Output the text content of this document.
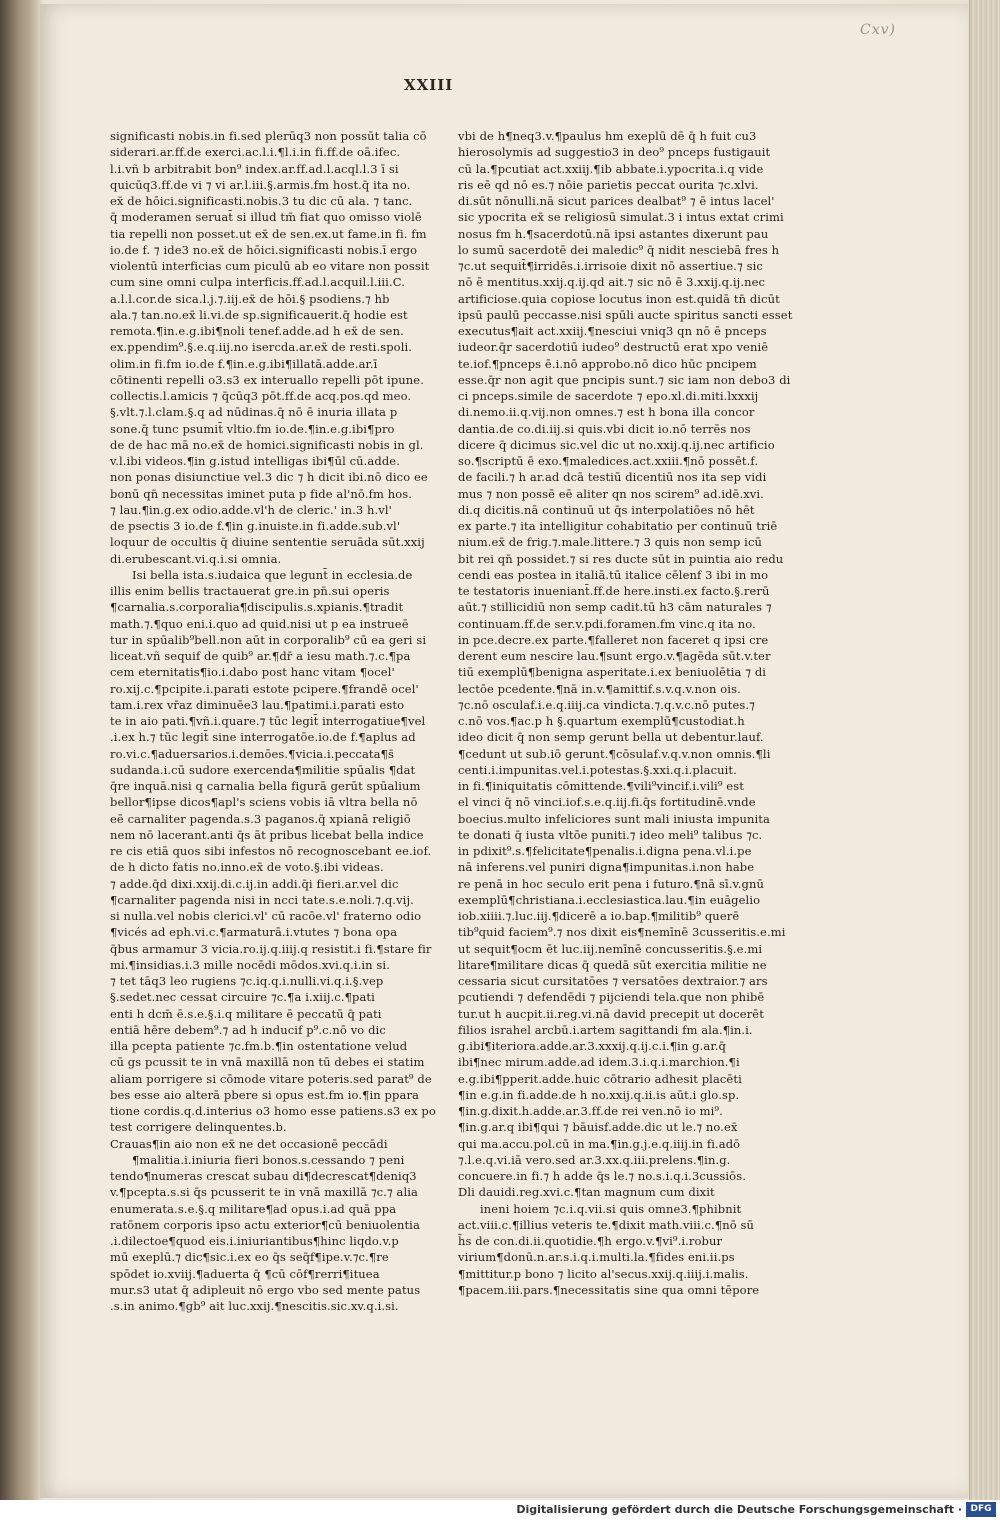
Cxv)
XXIII
significasti nobis.in fi.sed plerūq3 non possūt talia cō
siderari.ar.ff.de exerci.ac.l.i.¶l.i.in fi.ff.de oā.ifec.
l.i.vñ b arbitrabit bon⁹ index.ar.ff.ad.l.acql.l.3 ī si
quicūq3.ff.de vi ⁊ vi ar.l.iii.§.armis.fm host.q̄ ita no.
ex̄ de hōici.significasti.nobis.3 tu dic cū ala. ⁊ tanc.
q̄ moderamen seruat̄ si illud tm̄ fiat quo omisso violē
tia repelli non posset.ut ex̄ de sen.ex.ut fame.in fi. fm
io.de f. ⁊ ide3 no.ex̄ de hōici.significasti nobis.ī ergo
violentū interficias cum piculū ab eo vitare non possit
cum sine omni culpa interficis.ff.ad.l.acquil.l.iii.C.
a.l.l.cor.de sica.l.j.⁊.iij.ex̄ de hōi.§ psodiens.⁊ hb
ala.⁊ tan.no.ex̄ li.vi.de sp.significauerit.q̄ hodie est
remota.¶in.e.g.ibi¶noli tenef.adde.ad h ex̄ de sen.
ex.ppendim⁹.§.e.q.iij.no isercda.ar.ex̄ de resti.spoli.
olim.in fi.fm io.de f.¶in.e.g.ibi¶illatā.adde.ar.ī
cōtinenti repelli o3.s3 ex interuallo repelli pōt ipune.
collectis.l.amicis ⁊ q̄cūq3 pōt.ff.de acq.pos.qd meo.
§.vlt.⁊.l.clam.§.q ad nūdinas.q̄ nō ē inuria illata p
sone.q̄ tunc psumit̄ vltio.fm io.de.¶in.e.g.ibi¶pro
de de hac mā no.ex̄ de homici.significasti nobis in gl.
v.l.ibi videos.¶in g.istud intelligas ibi¶ūl cū.adde.
non ponas disiunctiue vel.3 dic ⁊ h dicit ibi.nō dico ee
bonū qn̄ necessitas iminet puta p fide al'nō.fm hos.
⁊ lau.¶in.g.ex odio.adde.vl'h de cleric.' in.3 h.vl'
de psectis 3 io.de f.¶in g.inuiste.in fi.adde.sub.vl'
loquur de occultis q̄ diuine sententie seruāda sūt.xxij
di.erubescant.vi.q.i.si omnia.
Isi bella ista.s.iudaica que legunt̄ in ecclesia.de
illis enim bellis tractauerat gre.in pn̄.sui operis
¶carnalia.s.corporalia¶discipulis.s.xpianis.¶tradit
math.⁊.¶quo eni.i.quo ad quid.nisi ut p ea instrueē
tur in spūalib⁹bell.non aūt in corporalib⁹ cū ea geri si
liceat.vñ sequif de quib⁹ ar.¶dr̄ a iesu math.⁊.c.¶pa
cem eternitatis¶io.i.dabo post hanc vitam ¶ocel'
ro.xij.c.¶pcipite.i.parati estote pcipere.¶frandē ocel'
tam.i.rex vr̄az diminuēe3 lau.¶patimi.i.parati esto
te in aio pati.¶vñ.i.quare.⁊ tūc legit̄ interrogatiue¶vel
.i.ex h.⁊ tūc legit̄ sine interrogatōe.io.de f.¶aplus ad
ro.vi.c.¶aduersarios.i.demōes.¶vicia.i.peccata¶s̄
sudanda.i.cū sudore exercenda¶militie spūalis ¶dat
q̄re inquā.nisi q carnalia bella figurā gerūt spūalium
bellor¶ipse dicos¶apl's sciens vobis iā vltra bella nō
eē carnaliter pagenda.s.3 paganos.q̄ xpianā religiō
nem nō lacerant.anti q̄s āt pribus licebat bella indice
re cis etiā quos sibi infestos nō recognoscebant ee.iof.
de h dicto fatis no.inno.ex̄ de voto.§.ibi videas.
⁊ adde.q̄d dixi.xxij.di.c.ij.in addi.q̄i fieri.ar.vel dic
¶carnaliter pagenda nisi in ncci tate.s.e.noli.⁊.q.vij.
si nulla.vel nobis clerici.vl' cū racōe.vl' fraterno odio
¶vicés ad eph.vi.c.¶armaturā.i.vtutes ⁊ bona opa
q̄bus armamur 3 vicia.ro.ij.q.iiij.q resistit.i fi.¶stare fir
mi.¶insidias.i.3 mille nocēdi mōdos.xvi.q.i.in si.
⁊ tet tāq3 leo rugiens ⁊c.iq.q.i.nulli.vi.q.i.§.vep
§.sedet.nec cessat circuire ⁊c.¶a i.xiij.c.¶pati
enti h dcm̄ ē.s.e.§.i.q militare ē peccatū q̄ pati
entiā hēre debem⁹.⁊ ad h inducif p⁹.c.nō vo dic
illa pcepta patiente ⁊c.fm.b.¶in ostentatione velud
cū gs pcussit te in vnā maxillā non tū debes ei statim
aliam porrigere si cōmode vitare poteris.sed parat⁹ de
bes esse aio alterā pbere si opus est.fm io.¶in ppara
tione cordis.q.d.interius o3 homo esse patiens.s3 ex po
test corrigere delinquentes.b.
Crauas¶in aio non ex̄ ne det occasionē peccādi
¶malitia.i.iniuria fieri bonos.s.cessando ⁊ peni
tendo¶numeras crescat subau di¶decrescat¶deniq3
v.¶pcepta.s.si q̄s pcusserit te in vnā maxillā ⁊c.⁊ alia
enumerata.s.e.§.q militare¶ad opus.i.ad quā ppa
ratōnem corporis ipso actu exterior¶cū beniuolentia
.i.dilectoe¶quod eis.i.iniuriantibus¶hinc liqdo.v.p
mū exeplū.⁊ dic¶sic.i.ex eo q̄s seq̄f¶ipe.v.⁊c.¶re
spōdet io.xviij.¶aduerta q̄ ¶cū cōf¶rerri¶ituea
mur.s3 utat q̄ adipleuit nō ergo vbo sed mente patus
.s.in animo.¶gb⁹ ait luc.xxij.¶nescitis.sic.xv.q.i.si.
vbi de h¶neq3.v.¶paulus hm exeplū dē q̄ h fuit cu3
hierosolymis ad suggestio3 in deo⁹ pnceps fustigauit
cū la.¶pcutiat act.xxiij.¶ib abbate.i.ypocrita.i.q vide
ris eē qd nō es.⁊ nōie parietis peccat ourita ⁊c.xlvi.
di.sūt nōnulli.nā sicut parices dealbat⁹ ⁊ ē intus lacel'
sic ypocrita ex̄ se religiosū simulat.3 i intus extat crimi
nosus fm h.¶sacerdotū.nā ipsi astantes dixerunt pau
lo sumū sacerdotē dei maledic⁹ q̄ nidit nesciebā fres h
⁊c.ut sequit̄¶irridēs.i.irrisoie dixit nō assertiue.⁊ sic
nō ē mentitus.xxij.q.ij.qd ait.⁊ sic nō ē 3.xxij.q.ij.nec
artificiose.quia copiose locutus inon est.quidā tn̄ dicūt
ipsū paulū peccasse.nisi spūli aucte spiritus sancti esset
executus¶ait act.xxiij.¶nesciui vniq3 qn nō ē pnceps
iudeor.q̄r sacerdotiū iudeo⁹ destructū erat xpo veniē
te.iof.¶pnceps ē.i.nō approbo.nō dico hūc pncipem
esse.q̄r non agit que pncipis sunt.⁊ sic iam non debo3 di
ci pnceps.simile de sacerdote ⁊ epo.xl.di.miti.lxxxij
di.nemo.ii.q.vij.non omnes.⁊ est h bona illa concor
dantia.de co.di.iij.si quis.vbi dicit io.nō terrēs nos
dicere q̄ dicimus sic.vel dic ut no.xxij.q.ij.nec artificio
so.¶scriptū ē exo.¶maledices.act.xxiii.¶nō possēt.f.
de facili.⁊ h ar.ad dcā testiū dicentiū nos ita sep vidi
mus ⁊ non possē eē aliter qn nos scirem⁹ ad.idē.xvi.
di.q dicitis.nā continuū ut q̄s interpolatiōes nō hēt
ex parte.⁊ ita intelligitur cohabitatio per continuū triē
nium.ex̄ de frig.⁊.male.littere.⁊ 3 quis non semp icū
bit rei qn̄ possidet.⁊ si res ducte sūt in puintia aio redu
cendi eas postea in italiā.tū italice cēlenf 3 ibi in mo
te testatoris inueniant̄.ff.de here.insti.ex facto.§.rerū
aūt.⁊ stillicidiū non semp cadit.tū h3 cām naturales ⁊
continuam.ff.de ser.v.pdi.foramen.fm vinc.q ita no.
in pce.decre.ex parte.¶falleret non faceret q ipsi cre
derent eum nescire lau.¶sunt ergo.v.¶agēda sūt.v.ter
tiū exemplū¶benigna asperitate.i.ex beniuolētia ⁊ di
lectōe pcedente.¶nā in.v.¶amittif.s.v.q.v.non ois.
⁊c.nō osculaf.i.e.q.iiij.ca vindicta.⁊.q.v.c.nō putes.⁊
c.nō vos.¶ac.p h §.quartum exemplū¶custodiat.h
ideo dicit q̄ non semp gerunt bella ut debentur.lauf.
¶cedunt ut sub.iō gerunt.¶cōsulaf.v.q.v.non omnis.¶li
centi.i.impunitas.vel.i.potestas.§.xxi.q.i.placuit.
in fi.¶iniquitatis cōmittende.¶vili⁹vincif.i.vili⁹ est
el vinci q̄ nō vinci.iof.s.e.q.iij.fi.q̄s fortitudinē.vnde
boecius.multo infeliciores sunt mali iniusta impunita
te donati q̄ iusta vltōe puniti.⁊ ideo meli⁹ talibus ⁊c.
in pdixit⁹.s.¶felicitate¶penalis.i.digna pena.vl.i.pe
nā inferens.vel puniri digna¶impunitas.i.non habe
re penā in hoc seculo erit pena i futuro.¶nā sī.v.gnū
exemplū¶christiana.i.ecclesiastica.lau.¶in euāgelio
iob.xiiii.⁊.luc.iij.¶dicerē a io.bap.¶militib⁹ querē
tib⁹quid faciem⁹.⁊ nos dixit eis¶nemīnē 3cusseritis.e.mi
ut sequit¶ocm ēt luc.iij.nemīnē concusseritis.§.e.mi
litare¶militare dicas q̄ quedā sūt exercitia militie ne
cessaria sicut cursitatōes ⁊ versatōes dextraior.⁊ ars
pcutiendi ⁊ defendēdi ⁊ pijciendi tela.que non phibē
tur.ut h aucpit.ii.reg.vi.nā david precepit ut docerēt
filios israhel arcbū.i.artem sagittandi fm ala.¶in.i.
g.ibi¶iteriora.adde.ar.3.xxxij.q.ij.c.i.¶in g.ar.q̄
ibi¶nec mirum.adde.ad idem.3.i.q.i.marchion.¶i
e.g.ibi¶pperit.adde.huic cōtrario adhesit placēti
¶in e.g.in fi.adde.de h no.xxij.q.ii.is aūt.i glo.sp.
¶in.g.dixit.h.adde.ar.3.ff.de rei ven.nō io mi⁹.
¶in.g.ar.q ibi¶qui ⁊ bāuisf.adde.dic ut le.⁊ no.ex̄
qui ma.accu.pol.cū in ma.¶in.g.j.e.q.iiij.in fi.adō
⁊.l.e.q.vi.iā vero.sed ar.3.xx.q.iii.prelens.¶in.g.
concuere.in fi.⁊ h adde q̄s le.⁊ no.s.i.q.i.3cussiōs.
Dli dauidi.reg.xvi.c.¶tan magnum cum dixit
ineni hoiem ⁊c.i.q.vii.si quis omne3.¶phibnit
act.viii.c.¶illius veteris te.¶dixit math.viii.c.¶nō sū
h̄s de con.di.ii.quotidie.¶h ergo.v.¶vi⁹.i.robur
virium¶donū.n.ar.s.i.q.i.multi.la.¶fides eni.ii.ps
¶mittitur.p bono ⁊ licito al'secus.xxij.q.iiij.i.malis.
¶pacem.iii.pars.¶necessitatis sine qua omni tēpore
Digitalisierung gefördert durch die Deutsche Forschungsgemeinschaft · DFG
